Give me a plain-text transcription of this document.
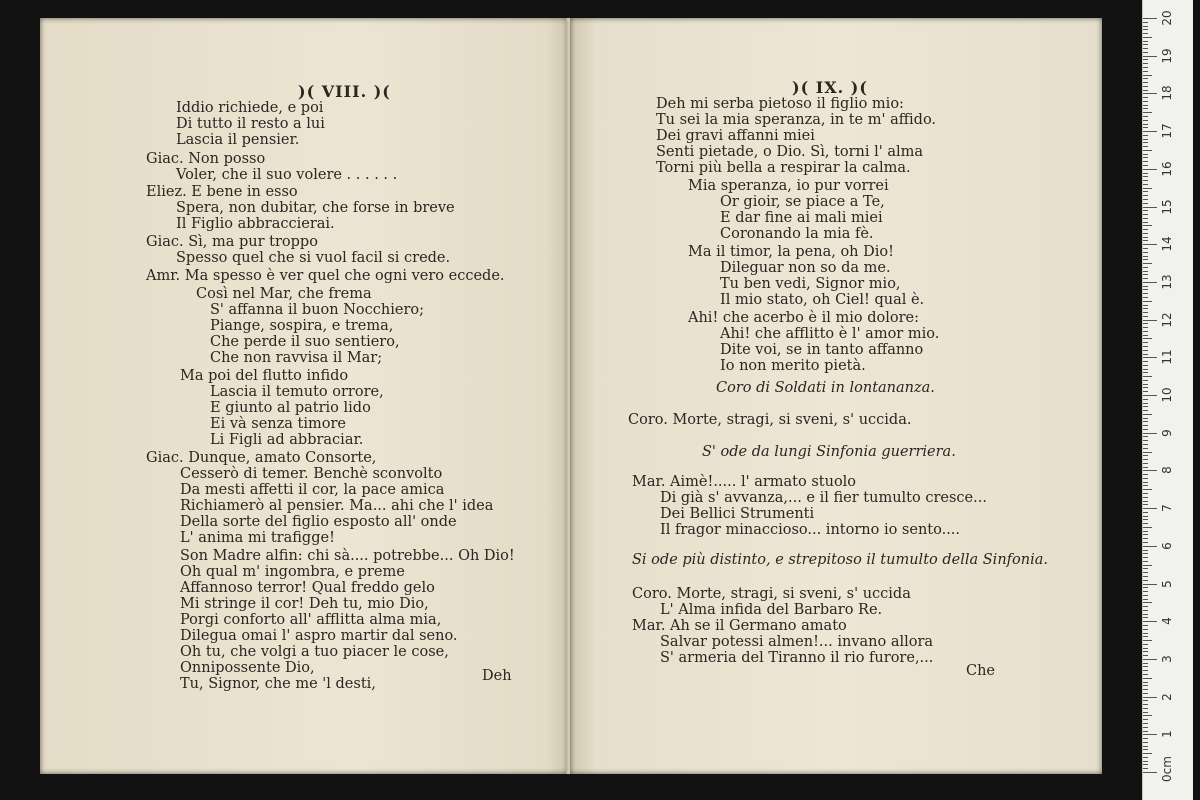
)( VIII. )(
Iddio richiede, e poi
Di tutto il resto a lui
Lascia il pensier.
Giac. Non posso
Voler, che il suo volere . . . . . .
Eliez. E bene in esso
Spera, non dubitar, che forse in breve
Il Figlio abbraccierai.
Giac. Sì, ma pur troppo
Spesso quel che si vuol facil si crede.
Amr. Ma spesso è ver quel che ogni vero eccede.
Così nel Mar, che frema
S' affanna il buon Nocchiero;
Piange, sospira, e trema,
Che perde il suo sentiero,
Che non ravvisa il Mar;
Ma poi del flutto infido
Lascia il temuto orrore,
E giunto al patrio lido
Ei và senza timore
Li Figli ad abbraciar.
Giac. Dunque, amato Consorte,
Cesserò di temer. Benchè sconvolto
Da mesti affetti il cor, la pace amica
Richiamerò al pensier. Ma... ahi che l' idea
Della sorte del figlio esposto all' onde
L' anima mi trafigge!
Son Madre alfin: chi sà.... potrebbe... Oh Dio!
Oh qual m' ingombra, e preme
Affannoso terror! Qual freddo gelo
Mi stringe il cor! Deh tu, mio Dio,
Porgi conforto all' afflitta alma mia,
Dilegua omai l' aspro martir dal seno.
Oh tu, che volgi a tuo piacer le cose,
Onnipossente Dio,
Tu, Signor, che me 'l desti,	Deh
)( IX. )(
Deh mi serba pietoso il figlio mio:
Tu sei la mia speranza, in te m' affido.
Dei gravi affanni miei
Senti pietade, o Dio. Sì, torni l' alma
Torni più bella a respirar la calma.
Mia speranza, io pur vorrei
Or gioir, se piace a Te,
E dar fine ai mali miei
Coronando la mia fè.
Ma il timor, la pena, oh Dio!
Dileguar non so da me.
Tu ben vedi, Signor mio,
Il mio stato, oh Ciel! qual è.
Ahi! che acerbo è il mio dolore:
Ahi! che afflitto è l' amor mio.
Dite voi, se in tanto affanno
Io non merito pietà.
Coro di Soldati in lontananza.
Coro. Morte, stragi, si sveni, s' uccida.
S' ode da lungi Sinfonia guerriera.
Mar. Aimè!..... l' armato stuolo
Di già s' avvanza,... e il fier tumulto cresce...
Dei Bellici Strumenti
Il fragor minaccioso... intorno io sento....
Si ode più distinto, e strepitoso il tumulto della Sinfonia.
Coro. Morte, stragi, si sveni, s' uccida
L' Alma infida del Barbaro Re.
Mar. Ah se il Germano amato
Salvar potessi almen!... invano allora
S' armeria del Tiranno il rio furore,...
Che
20
19
18
17
16
15
14
13
12
11
10
9
8
7
6
5
4
3
2
1
0cm
